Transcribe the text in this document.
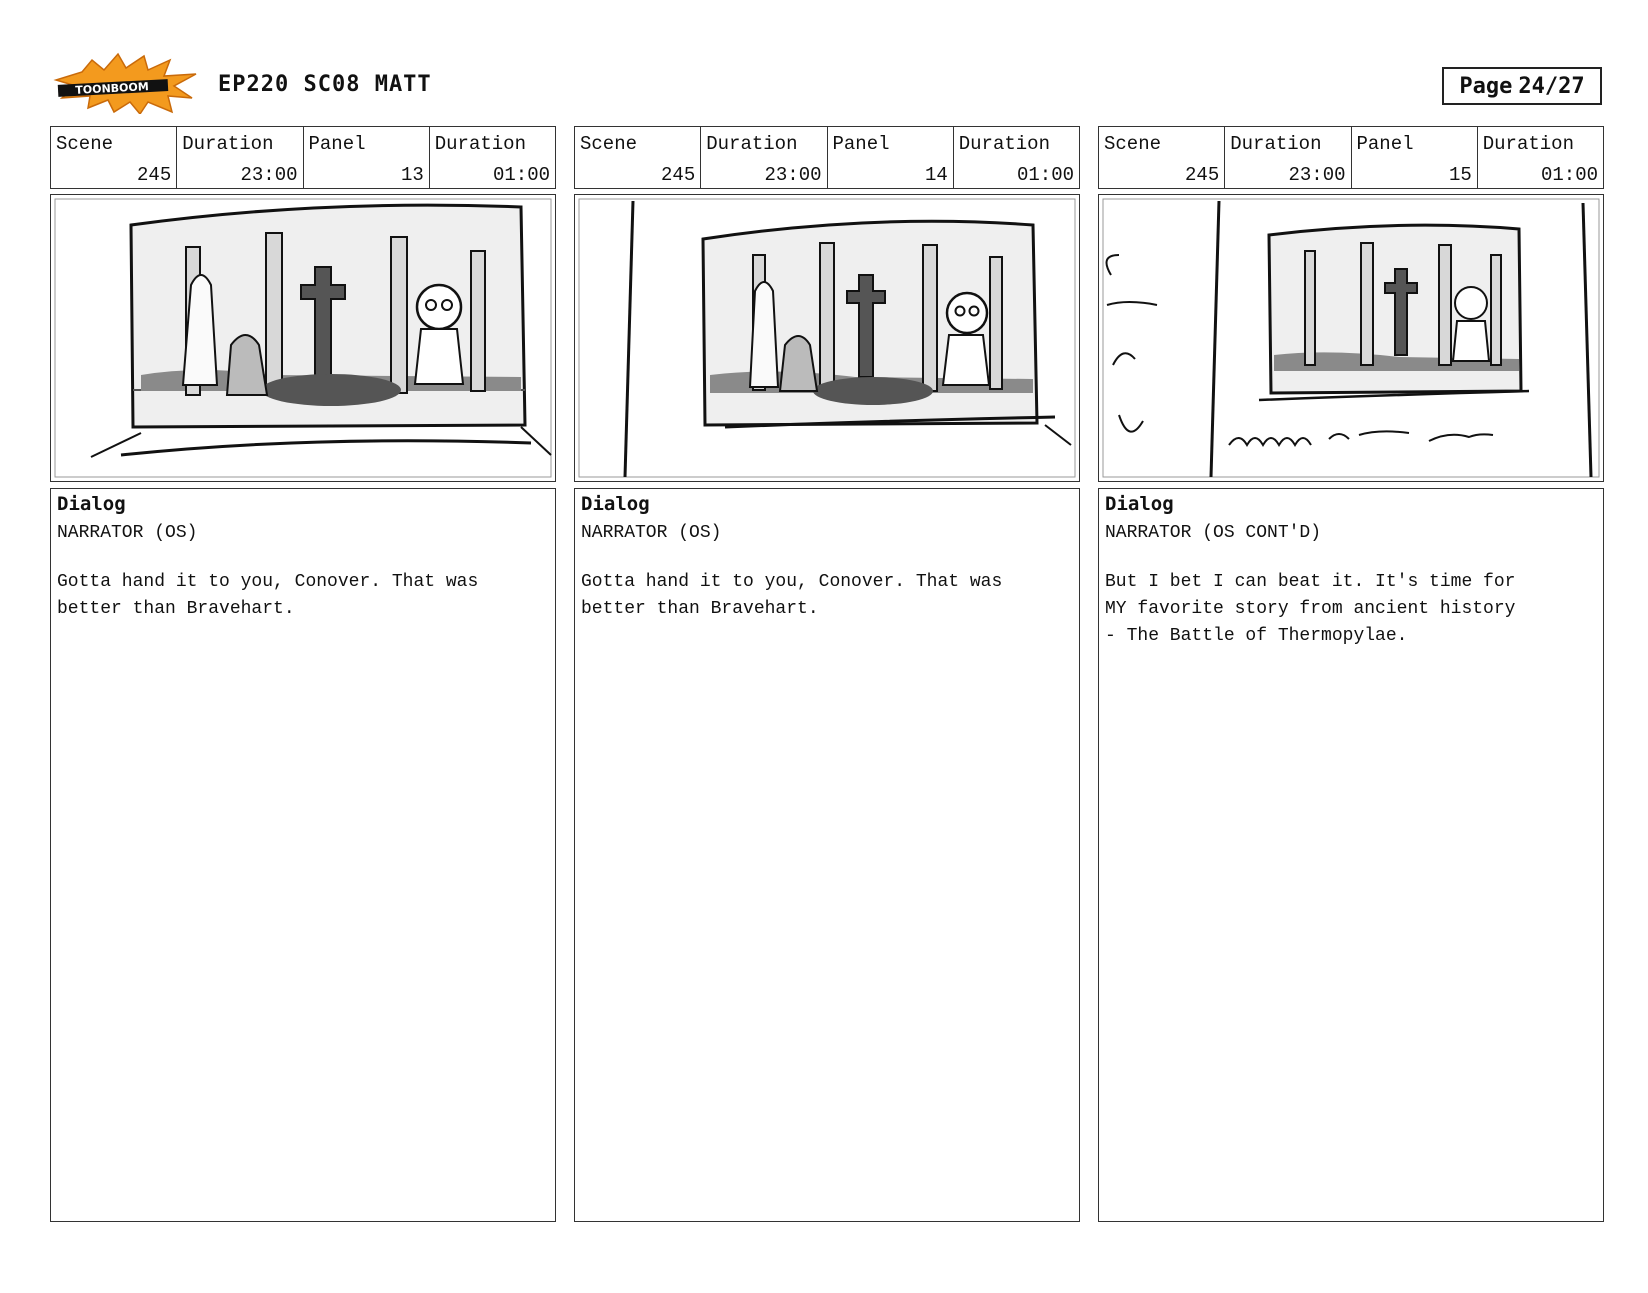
TOONBOOM	EP220 SC08 MATT	Page 24/27
Scene
245
Duration
23:00
Panel
13
Duration
01:00
Dialog
NARRATOR (OS)
Gotta hand it to you, Conover. That was
better than Bravehart.
Scene
245
Duration
23:00
Panel
14
Duration
01:00
Dialog
NARRATOR (OS)
Gotta hand it to you, Conover. That was
better than Bravehart.
Scene
245
Duration
23:00
Panel
15
Duration
01:00
Dialog
NARRATOR (OS CONT'D)
But I bet I can beat it. It's time for
MY favorite story from ancient history
- The Battle of Thermopylae.
